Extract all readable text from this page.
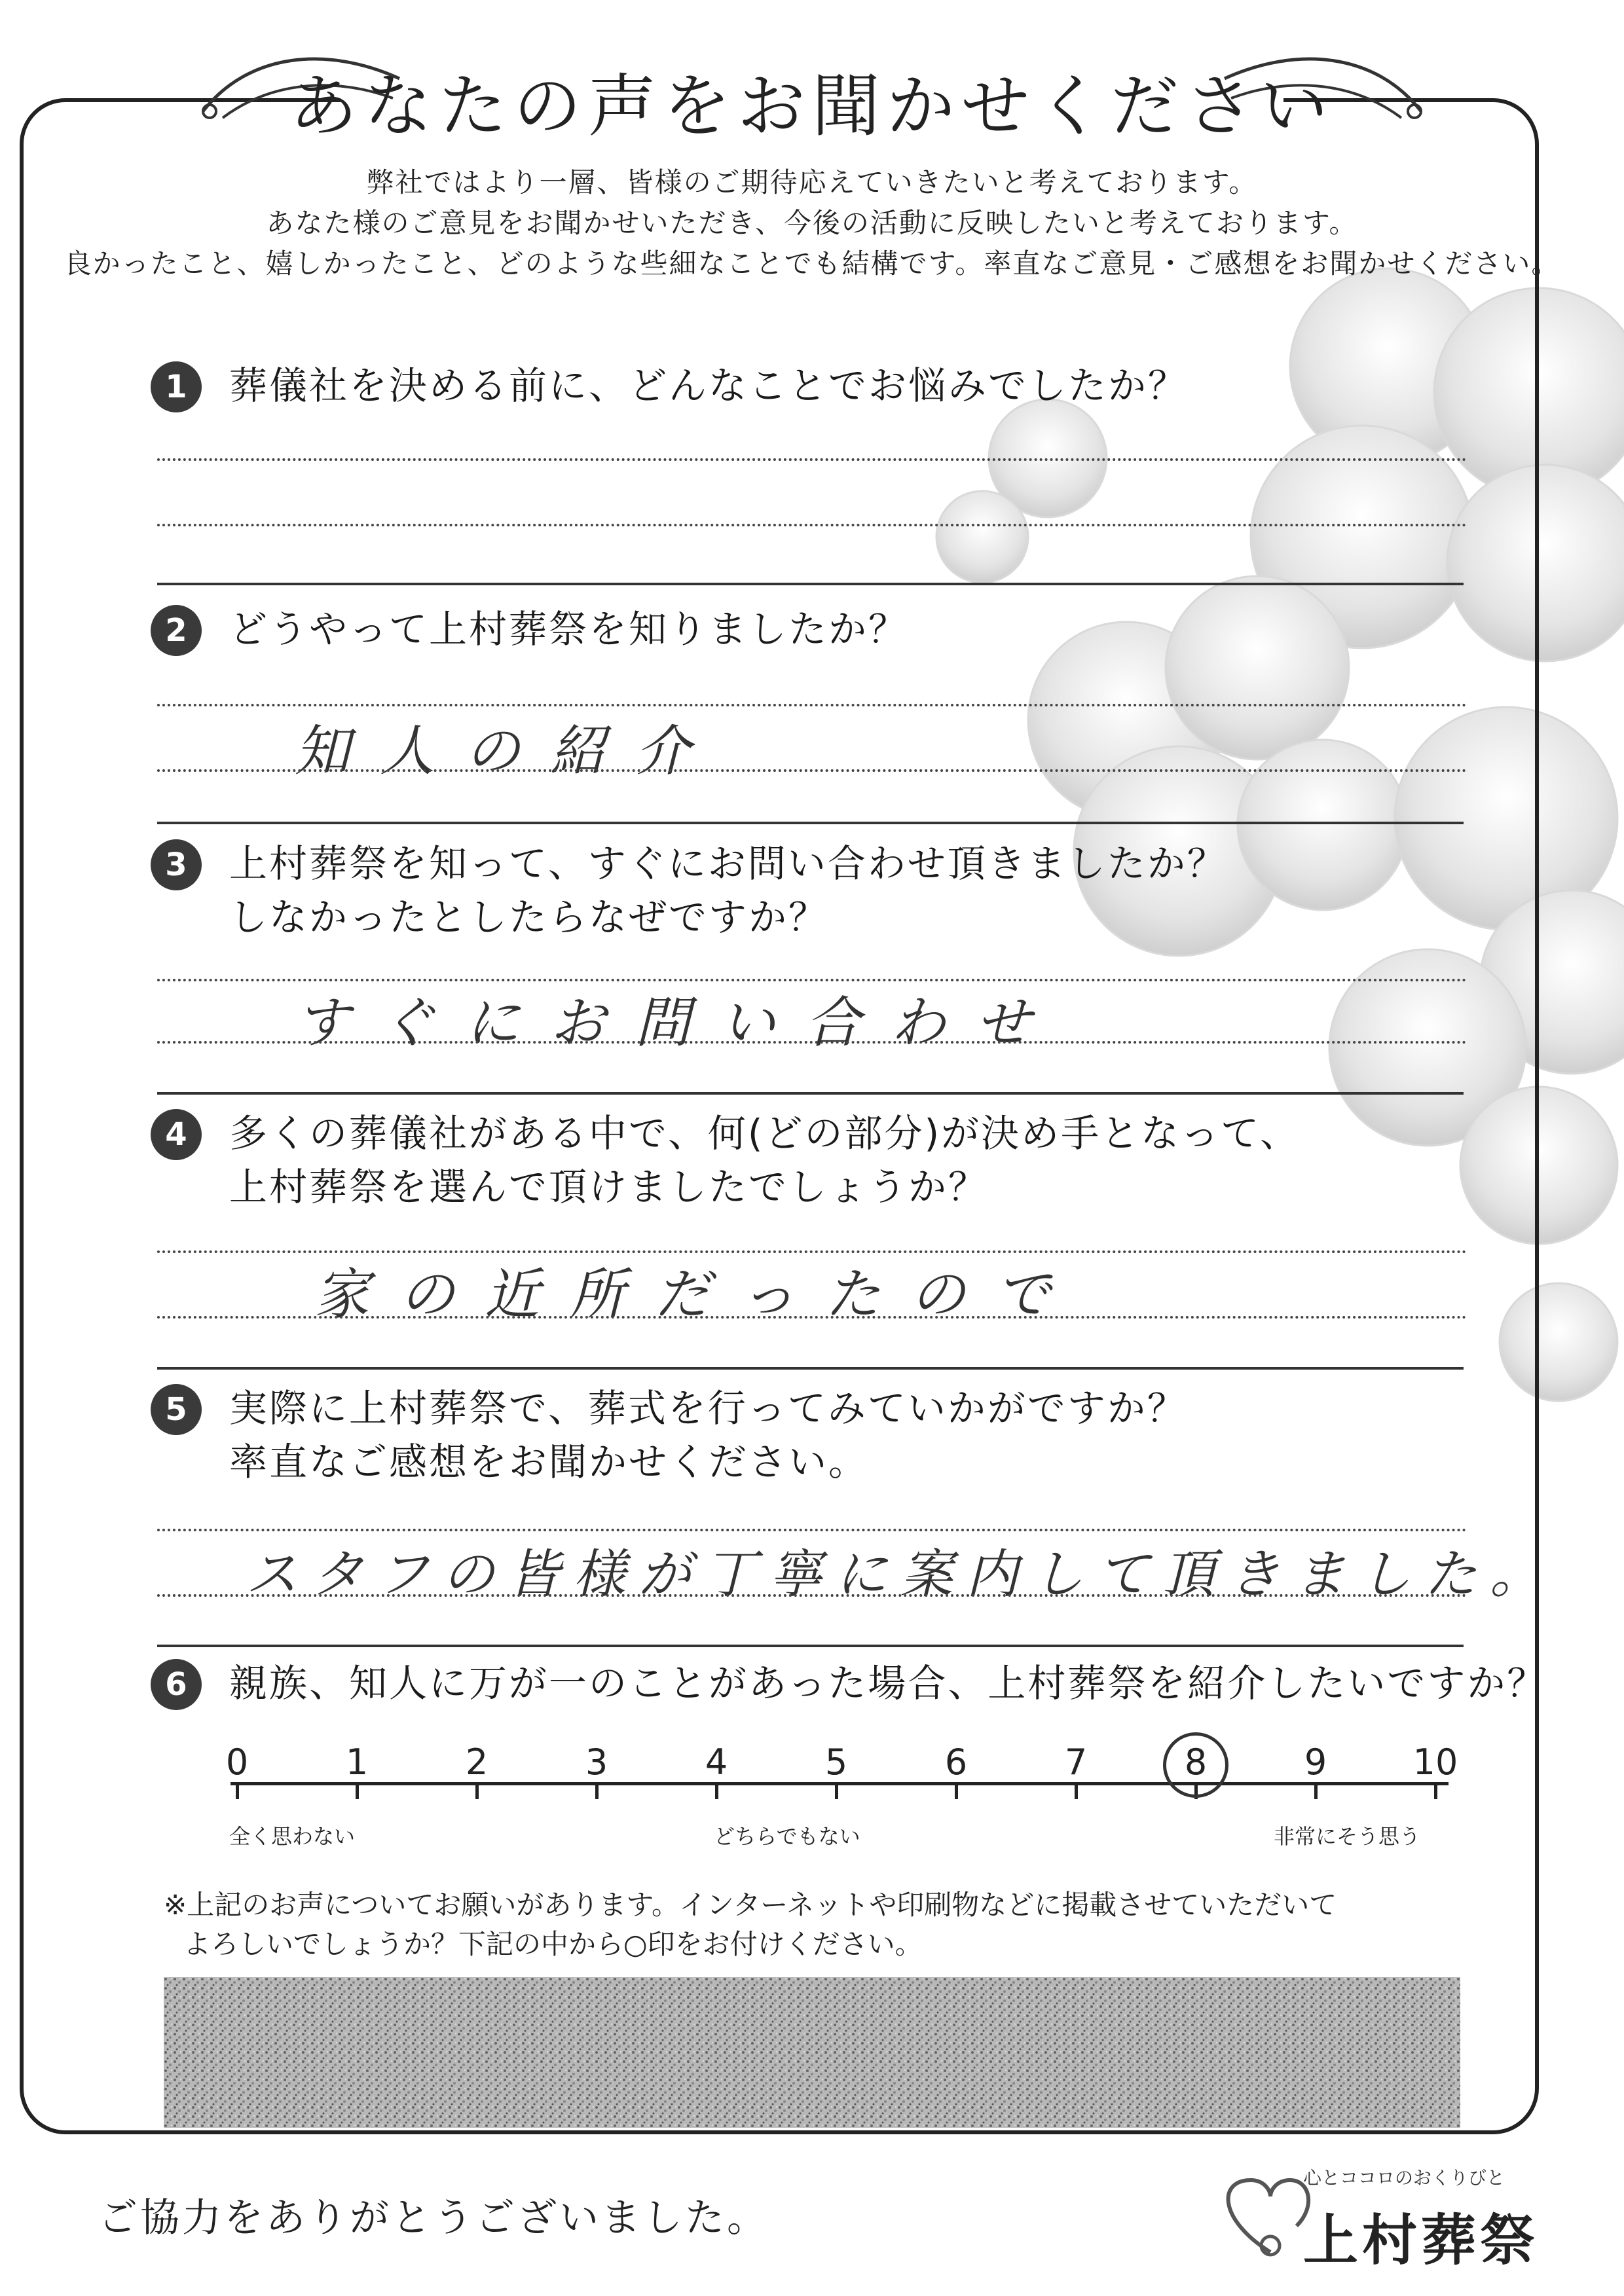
あなたの声をお聞かせください
弊社ではより一層、皆様のご期待応えていきたいと考えております。
あなた様のご意見をお聞かせいただき、今後の活動に反映したいと考えております。
良かったこと、嬉しかったこと、どのような些細なことでも結構です。率直なご意見・ご感想をお聞かせください。
1	葬儀社を決める前に、どんなことでお悩みでしたか？
2	どうやって上村葬祭を知りましたか？
知人の紹介
3	上村葬祭を知って、すぐにお問い合わせ頂きましたか？
しなかったとしたらなぜですか？
すぐにお問い合わせ
4	多くの葬儀社がある中で、何(どの部分)が決め手となって、
上村葬祭を選んで頂けましたでしょうか？
家の近所だったので
5	実際に上村葬祭で、葬式を行ってみていかがですか？
率直なご感想をお聞かせください。
スタフの皆様が丁寧に案内して頂きました。
6	親族、知人に万が一のことがあった場合、上村葬祭を紹介したいですか？
0	1	2	3	4	5	6	7	8	9 10
全く思わない	どちらでもない	非常にそう思う
※上記のお声についてお願いがあります。インターネットや印刷物などに掲載させていただいて
よろしいでしょうか？下記の中から○印をお付けください。
ご協力をありがとうございました。
心とココロのおくりびと
上村葬祭
